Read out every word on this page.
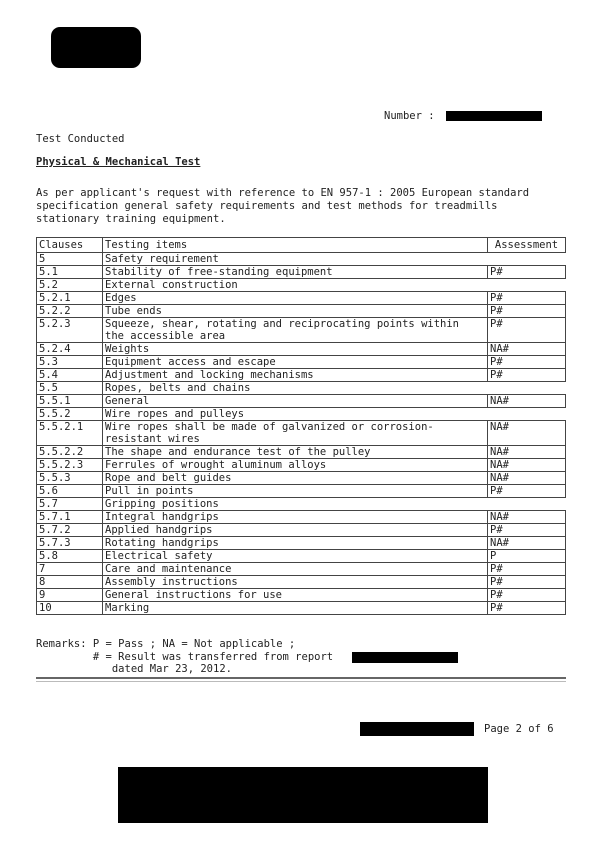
Number :
Test Conducted
Physical & Mechanical Test
As per applicant's request with reference to EN 957-1 : 2005 European standard
specification general safety requirements and test methods for treadmills
stationary training equipment.
Clauses	Testing items	Assessment
5	Safety requirement	
5.1	Stability of free-standing equipment	P#
5.2	External construction	
5.2.1	Edges	P#
5.2.2	Tube ends	P#
5.2.3	Squeeze, shear, rotating and reciprocating points within
the accessible area	P#
5.2.4	Weights	NA#
5.3	Equipment access and escape	P#
5.4	Adjustment and locking mechanisms	P#
5.5	Ropes, belts and chains	
5.5.1	General	NA#
5.5.2	Wire ropes and pulleys	
5.5.2.1	Wire ropes shall be made of galvanized or corrosion-
resistant wires	NA#
5.5.2.2	The shape and endurance test of the pulley	NA#
5.5.2.3	Ferrules of wrought aluminum alloys	NA#
5.5.3	Rope and belt guides	NA#
5.6	Pull in points	P#
5.7	Gripping positions	
5.7.1	Integral handgrips	NA#
5.7.2	Applied handgrips	P#
5.7.3	Rotating handgrips	NA#
5.8	Electrical safety	P
7	Care and maintenance	P#
8	Assembly instructions	P#
9	General instructions for use	P#
10	Marking	P#
Remarks: P = Pass ; NA = Not applicable ;
# = Result was transferred from report
dated Mar 23, 2012.
Page 2 of 6
